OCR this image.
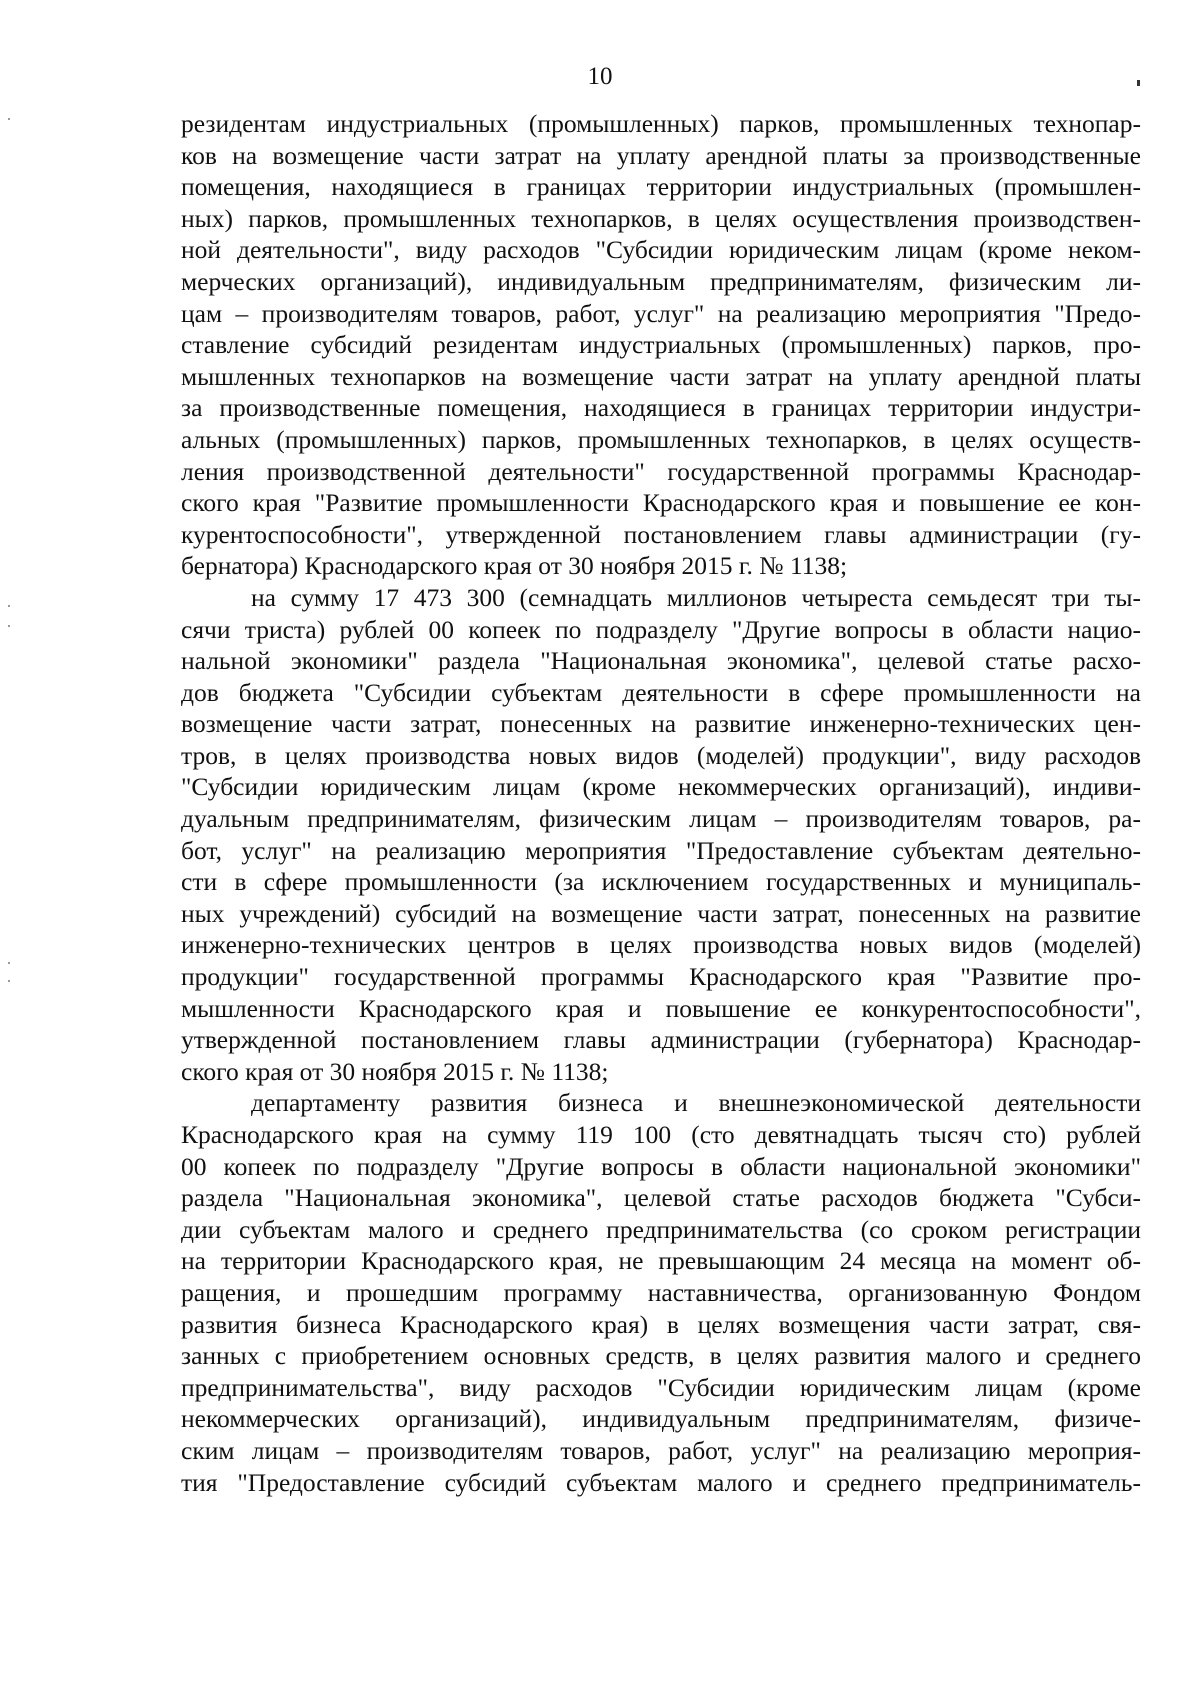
10
резидентам индустриальных (промышленных) парков, промышленных технопар-
ков на возмещение части затрат на уплату арендной платы за производственные
помещения, находящиеся в границах территории индустриальных (промышлен-
ных) парков, промышленных технопарков, в целях осуществления производствен-
ной деятельности", виду расходов "Субсидии юридическим лицам (кроме неком-
мерческих организаций), индивидуальным предпринимателям, физическим ли-
цам – производителям товаров, работ, услуг" на реализацию мероприятия "Предо-
ставление субсидий резидентам индустриальных (промышленных) парков, про-
мышленных технопарков на возмещение части затрат на уплату арендной платы
за производственные помещения, находящиеся в границах территории индустри-
альных (промышленных) парков, промышленных технопарков, в целях осуществ-
ления производственной деятельности" государственной программы Краснодар-
ского края "Развитие промышленности Краснодарского края и повышение ее кон-
курентоспособности", утвержденной постановлением главы администрации (гу-
бернатора) Краснодарского края от 30 ноября 2015 г. № 1138;
на сумму 17 473 300 (семнадцать миллионов четыреста семьдесят три ты-
сячи триста) рублей 00 копеек по подразделу "Другие вопросы в области нацио-
нальной экономики" раздела "Национальная экономика", целевой статье расхо-
дов бюджета "Субсидии субъектам деятельности в сфере промышленности на
возмещение части затрат, понесенных на развитие инженерно-технических цен-
тров, в целях производства новых видов (моделей) продукции", виду расходов
"Субсидии юридическим лицам (кроме некоммерческих организаций), индиви-
дуальным предпринимателям, физическим лицам – производителям товаров, ра-
бот, услуг" на реализацию мероприятия "Предоставление субъектам деятельно-
сти в сфере промышленности (за исключением государственных и муниципаль-
ных учреждений) субсидий на возмещение части затрат, понесенных на развитие
инженерно-технических центров в целях производства новых видов (моделей)
продукции" государственной программы Краснодарского края "Развитие про-
мышленности Краснодарского края и повышение ее конкурентоспособности",
утвержденной постановлением главы администрации (губернатора) Краснодар-
ского края от 30 ноября 2015 г. № 1138;
департаменту развития бизнеса и внешнеэкономической деятельности
Краснодарского края на сумму 119 100 (сто девятнадцать тысяч сто) рублей
00 копеек по подразделу "Другие вопросы в области национальной экономики"
раздела "Национальная экономика", целевой статье расходов бюджета "Субси-
дии субъектам малого и среднего предпринимательства (со сроком регистрации
на территории Краснодарского края, не превышающим 24 месяца на момент об-
ращения, и прошедшим программу наставничества, организованную Фондом
развития бизнеса Краснодарского края) в целях возмещения части затрат, свя-
занных с приобретением основных средств, в целях развития малого и среднего
предпринимательства", виду расходов "Субсидии юридическим лицам (кроме
некоммерческих организаций), индивидуальным предпринимателям, физиче-
ским лицам – производителям товаров, работ, услуг" на реализацию мероприя-
тия "Предоставление субсидий субъектам малого и среднего предприниматель-
